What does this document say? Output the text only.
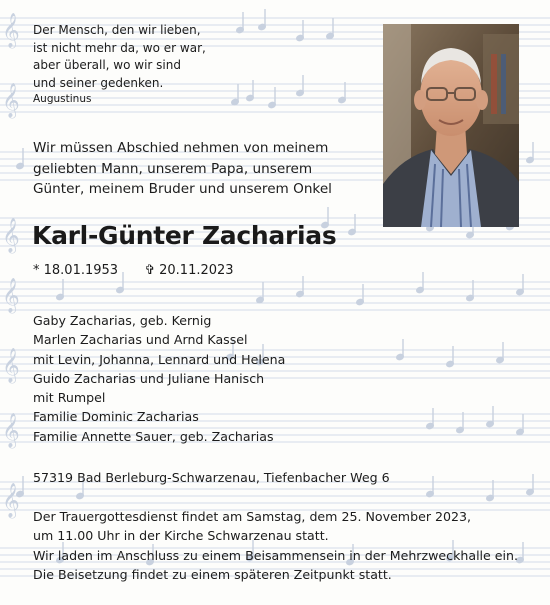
𝄞
𝄞
𝄞
𝄞
𝄞
𝄞
𝄞
Der Mensch, den wir lieben,
ist nicht mehr da, wo er war,
aber überall, wo wir sind
und seiner gedenken.
Augustinus
Wir müssen Abschied nehmen von meinem
geliebten Mann, unserem Papa, unserem
Günter, meinem Bruder und unserem Onkel
Karl-Günter Zacharias
* 18.01.1953 ✞ 20.11.2023
Gaby Zacharias, geb. Kernig
Marlen Zacharias und Arnd Kassel
mit Levin, Johanna, Lennard und Helena
Guido Zacharias und Juliane Hanisch
mit Rumpel
Familie Dominic Zacharias
Familie Annette Sauer, geb. Zacharias
57319 Bad Berleburg-Schwarzenau, Tiefenbacher Weg 6
Der Trauergottesdienst findet am Samstag, dem 25. November 2023,
um 11.00 Uhr in der Kirche Schwarzenau statt.
Wir laden im Anschluss zu einem Beisammensein in der Mehrzweckhalle ein.
Die Beisetzung findet zu einem späteren Zeitpunkt statt.
